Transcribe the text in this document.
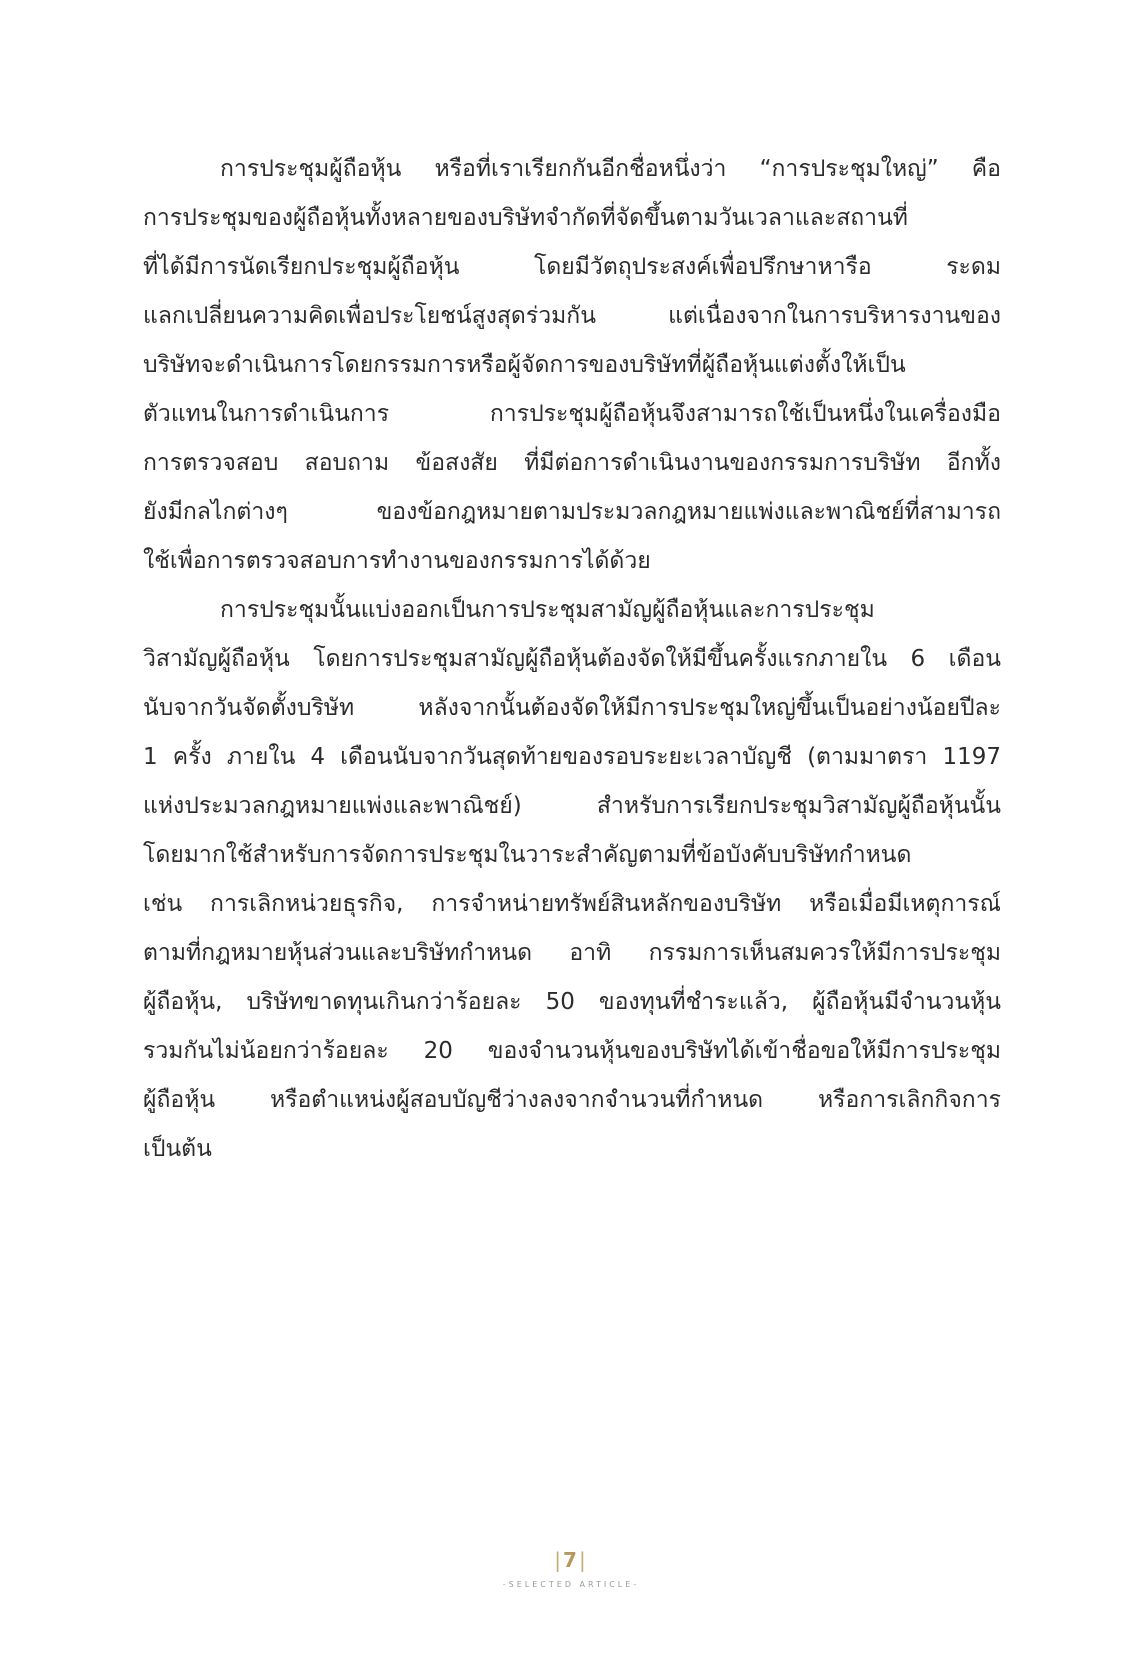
การประชุมผู้ถือหุ้น หรือที่เราเรียกกันอีกชื่อหนึ่งว่า “การประชุมใหญ่” คือ
การประชุมของผู้ถือหุ้นทั้งหลายของบริษัทจำกัดที่จัดขึ้นตามวันเวลาและสถานที่
ที่ได้มีการนัดเรียกประชุมผู้ถือหุ้น โดยมีวัตถุประสงค์เพื่อปรึกษาหารือ ระดม
แลกเปลี่ยนความคิดเพื่อประโยชน์สูงสุดร่วมกัน แต่เนื่องจากในการบริหารงานของ
บริษัทจะดำเนินการโดยกรรมการหรือผู้จัดการของบริษัทที่ผู้ถือหุ้นแต่งตั้งให้เป็น
ตัวแทนในการดำเนินการ การประชุมผู้ถือหุ้นจึงสามารถใช้เป็นหนึ่งในเครื่องมือ
การตรวจสอบ สอบถาม ข้อสงสัย ที่มีต่อการดำเนินงานของกรรมการบริษัท อีกทั้ง
ยังมีกลไกต่างๆ ของข้อกฎหมายตามประมวลกฎหมายแพ่งและพาณิชย์ที่สามารถ
ใช้เพื่อการตรวจสอบการทำงานของกรรมการได้ด้วย
การประชุมนั้นแบ่งออกเป็นการประชุมสามัญผู้ถือหุ้นและการประชุม
วิสามัญผู้ถือหุ้น โดยการประชุมสามัญผู้ถือหุ้นต้องจัดให้มีขึ้นครั้งแรกภายใน 6 เดือน
นับจากวันจัดตั้งบริษัท หลังจากนั้นต้องจัดให้มีการประชุมใหญ่ขึ้นเป็นอย่างน้อยปีละ
1 ครั้ง ภายใน 4 เดือนนับจากวันสุดท้ายของรอบระยะเวลาบัญชี (ตามมาตรา 1197
แห่งประมวลกฎหมายแพ่งและพาณิชย์) สำหรับการเรียกประชุมวิสามัญผู้ถือหุ้นนั้น
โดยมากใช้สำหรับการจัดการประชุมในวาระสำคัญตามที่ข้อบังคับบริษัทกำหนด
เช่น การเลิกหน่วยธุรกิจ, การจำหน่ายทรัพย์สินหลักของบริษัท หรือเมื่อมีเหตุการณ์
ตามที่กฎหมายหุ้นส่วนและบริษัทกำหนด อาทิ กรรมการเห็นสมควรให้มีการประชุม
ผู้ถือหุ้น, บริษัทขาดทุนเกินกว่าร้อยละ 50 ของทุนที่ชำระแล้ว, ผู้ถือหุ้นมีจำนวนหุ้น
รวมกันไม่น้อยกว่าร้อยละ 20 ของจำนวนหุ้นของบริษัทได้เข้าชื่อขอให้มีการประชุม
ผู้ถือหุ้น หรือตำแหน่งผู้สอบบัญชีว่างลงจากจำนวนที่กำหนด หรือการเลิกกิจการ
เป็นต้น
|7|
-SELECTED ARTICLE-
